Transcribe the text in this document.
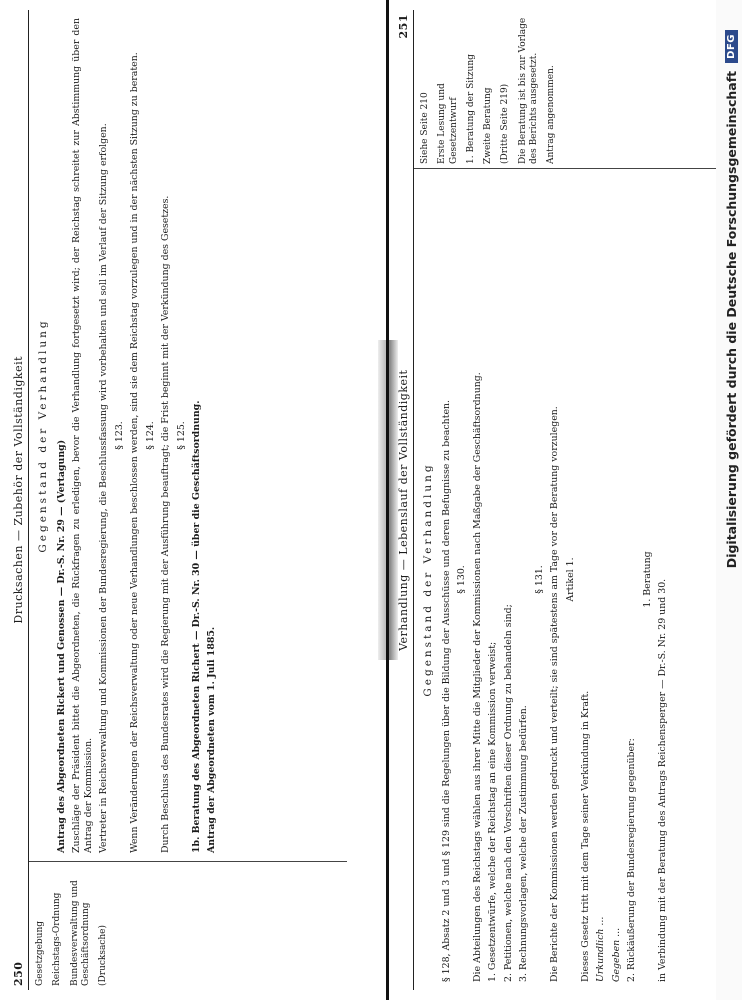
250
Drucksachen — Zubehör der Vollständigkeit

Gesetzgebung Reichstags-Ordnung Bundesverwaltung und Geschäftsordnung (Drucksache)
Gegenstand der Verhandlung

Antrag des Abgeordneten Rickert und Genossen — Dr.-S. Nr. 29 — (Vertagung) Zuschläge der Präsident bittet die Abgeordneten, die Rückfragen zu erledigen, bevor die Verhandlung fortgesetzt wird; der Reichstag schreitet zur Abstimmung über den Antrag der Kommission. Vertreter in Reichsverwaltung und Kommissionen der Bundesregierung, die Beschlussfassung wird vorbehalten und soll im Verlauf der Sitzung erfolgen. § 123. Wenn Veränderungen der Reichsverwaltung oder neue Verhandlungen beschlossen werden, sind sie dem Reichstag vorzulegen und in der nächsten Sitzung zu beraten. § 124. Durch Beschluss des Bundesrates wird die Regierung mit der Ausführung beauftragt; die Frist beginnt mit der Verkündung des Gesetzes. § 125. 1b. Beratung des Abgeordneten Richert — Dr.-S. Nr. 30 — über die Geschäftsordnung. Antrag der Abgeordneten vom 1. Juli 1885.

Verhandlung — Lebenslauf der Vollständigkeit
251
Gegenstand der Verhandlung § 128, Absatz 2 und 3 und § 129 sind die Regelungen über die Bildung der Ausschüsse und deren Befugnisse zu beachten. § 130. Die Abteilungen des Reichstags wählen aus ihrer Mitte die Mitglieder der Kommissionen nach Maßgabe der Geschäftsordnung. 1. Gesetzentwürfe, welche der Reichstag an eine Kommission verweist; 2. Petitionen, welche nach den Vorschriften dieser Ordnung zu behandeln sind; 3. Rechnungsvorlagen, welche der Zustimmung bedürfen.

§ 131. Die Berichte der Kommissionen werden gedruckt und verteilt; sie sind spätestens am Tage vor der Beratung vorzulegen. Artikel 1.

Dieses Gesetz tritt mit dem Tage seiner Verkündung in Kraft. Urkundlich ... Gegeben ... 2. Rückäußerung der Bundesregierung gegenüber:

1. Beratung in Verbindung mit der Beratung des Antrags Reichensperger — Dr.-S. Nr. 29 und 30.

Siehe Seite 210 Erste Lesung und Gesetzentwurf 1. Beratung der Sitzung Zweite Beratung (Dritte Seite 219) Die Beratung ist bis zur Vorlage des Berichts ausgesetzt. Antrag angenommen.	Digitalisierung gefördert durch die Deutsche Forschungsgemeinschaft
DFG
